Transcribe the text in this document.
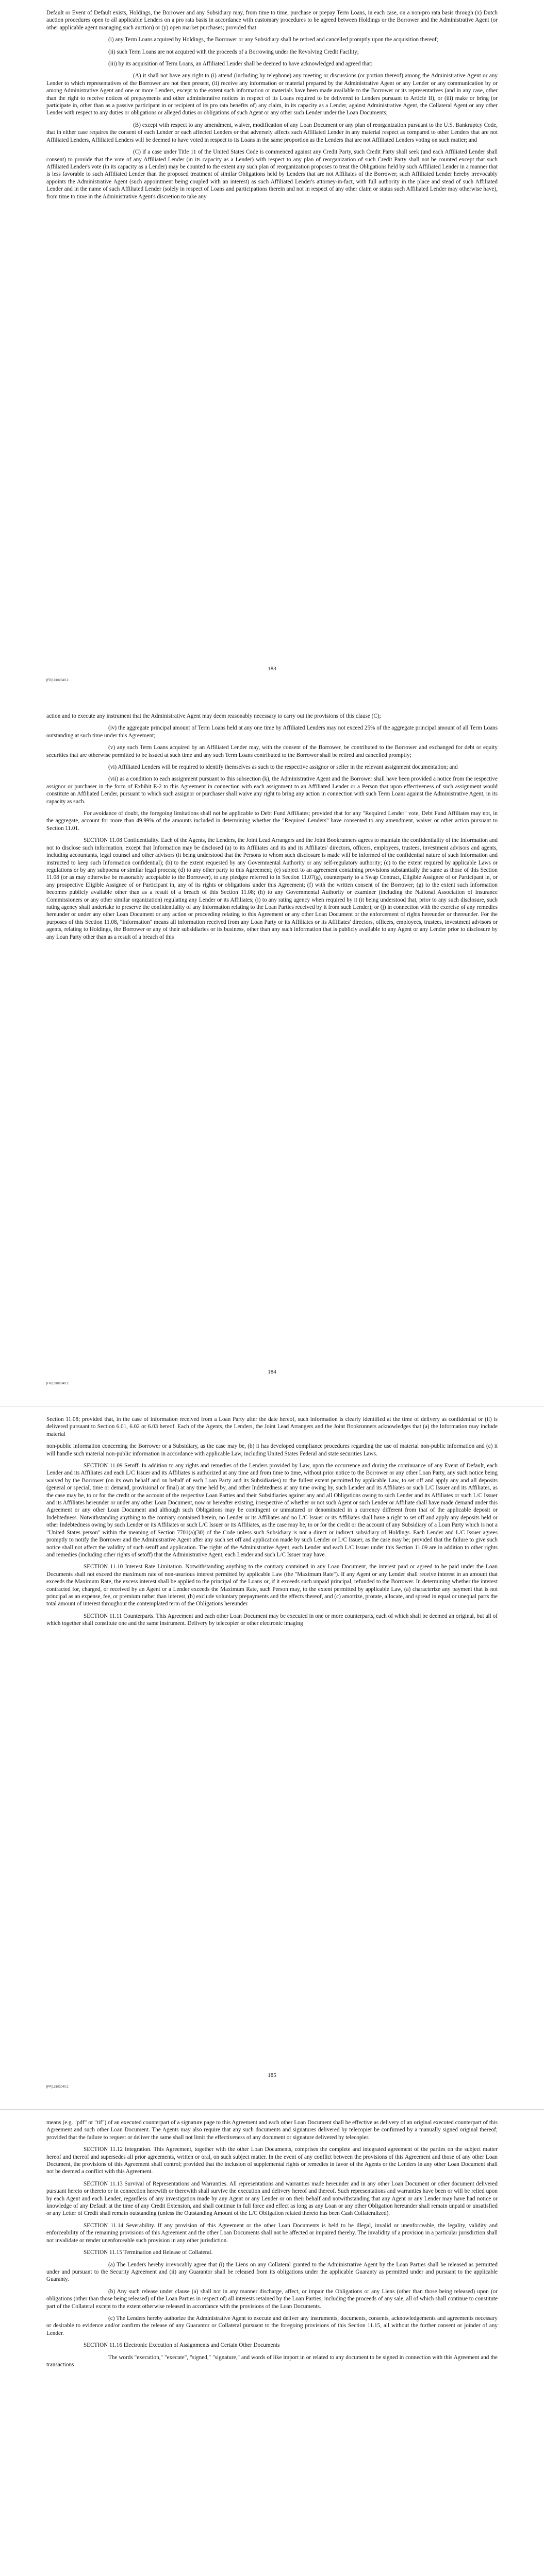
Default or Event of Default exists, Holdings, the Borrower and any Subsidiary may, from time to time, purchase or prepay Term Loans, in each case, on a non-pro rata basis through (x) Dutch auction procedures open to all applicable Lenders on a pro rata basis in accordance with customary procedures to be agreed between Holdings or the Borrower and the Administrative Agent (or other applicable agent managing such auction) or (y) open market purchases; provided that:

(i) any Term Loans acquired by Holdings, the Borrower or any Subsidiary shall be retired and cancelled promptly upon the acquisition thereof;

(ii) such Term Loans are not acquired with the proceeds of a Borrowing under the Revolving Credit Facility;

(iii) by its acquisition of Term Loans, an Affiliated Lender shall be deemed to have acknowledged and agreed that:

(A) it shall not have any right to (i) attend (including by telephone) any meeting or discussions (or portion thereof) among the Administrative Agent or any Lender to which representatives of the Borrower are not then present, (ii) receive any information or material prepared by the Administrative Agent or any Lender or any communication by or among Administrative Agent and one or more Lenders, except to the extent such information or materials have been made available to the Borrower or its representatives (and in any case, other than the right to receive notices of prepayments and other administrative notices in respect of its Loans required to be delivered to Lenders pursuant to Article II), or (iii) make or bring (or participate in, other than as a passive participant in or recipient of its pro rata benefits of) any claim, in its capacity as a Lender, against Administrative Agent, the Collateral Agent or any other Lender with respect to any duties or obligations or alleged duties or obligations of such Agent or any other such Lender under the Loan Documents;

(B) except with respect to any amendment, waiver, modification of any Loan Document or any plan of reorganization pursuant to the U.S. Bankruptcy Code, that in either case requires the consent of each Lender or each affected Lenders or that adversely affects such Affiliated Lender in any material respect as compared to other Lenders that are not Affiliated Lenders, Affiliated Lenders will be deemed to have voted in respect to its Loans in the same proportion as the Lenders that are not Affiliated Lenders voting on such matter; and

(C) if a case under Title 11 of the United States Code is commenced against any Credit Party, such Credit Party shall seek (and each Affiliated Lender shall consent) to provide that the vote of any Affiliated Lender (in its capacity as a Lender) with respect to any plan of reorganization of such Credit Party shall not be counted except that such Affiliated Lender's vote (in its capacity as a Lender) may be counted to the extent any such plan of reorganization proposes to treat the Obligations held by such Affiliated Lender in a manner that is less favorable to such Affiliated Lender than the proposed treatment of similar Obligations held by Lenders that are not Affiliates of the Borrower; such Affiliated Lender hereby irrevocably appoints the Administrative Agent (such appointment being coupled with an interest) as such Affiliated Lender's attorney-in-fact, with full authority in the place and stead of such Affiliated Lender and in the name of such Affiliated Lender (solely in respect of Loans and participations therein and not in respect of any other claim or status such Affiliated Lender may otherwise have), from time to time in the Administrative Agent's discretion to take any

183
[FP]13102040.2

action and to execute any instrument that the Administrative Agent may deem reasonably necessary to carry out the provisions of this clause (C);

(iv) the aggregate principal amount of Term Loans held at any one time by Affiliated Lenders may not exceed 25% of the aggregate principal amount of all Term Loans outstanding at such time under this Agreement;

(v) any such Term Loans acquired by an Affiliated Lender may, with the consent of the Borrower, be contributed to the Borrower and exchanged for debt or equity securities that are otherwise permitted to be issued at such time and any such Term Loans contributed to the Borrower shall be retired and cancelled promptly;

(vi) Affiliated Lenders will be required to identify themselves as such to the respective assignor or seller in the relevant assignment documentation; and

(vii) as a condition to each assignment pursuant to this subsection (k), the Administrative Agent and the Borrower shall have been provided a notice from the respective assignor or purchaser in the form of Exhibit E-2 to this Agreement in connection with each assignment to an Affiliated Lender or a Person that upon effectiveness of such assignment would constitute an Affiliated Lender, pursuant to which such assignor or purchaser shall waive any right to bring any action in connection with such Term Loans against the Administrative Agent, in its capacity as such.

For avoidance of doubt, the foregoing limitations shall not be applicable to Debt Fund Affiliates; provided that for any "Required Lender" vote, Debt Fund Affiliates may not, in the aggregate, account for more than 49.99% of the amounts included in determining whether the "Required Lenders" have consented to any amendment, waiver or other action pursuant to Section 11.01.

SECTION 11.08 Confidentiality. Each of the Agents, the Lenders, the Joint Lead Arrangers and the Joint Bookrunners agrees to maintain the confidentiality of the Information and not to disclose such information, except that Information may be disclosed (a) to its Affiliates and its and its Affiliates' directors, officers, employees, trustees, investment advisors and agents, including accountants, legal counsel and other advisors (it being understood that the Persons to whom such disclosure is made will be informed of the confidential nature of such Information and instructed to keep such Information confidential); (b) to the extent requested by any Governmental Authority or any self-regulatory authority; (c) to the extent required by applicable Laws or regulations or by any subpoena or similar legal process; (d) to any other party to this Agreement; (e) subject to an agreement containing provisions substantially the same as those of this Section 11.08 (or as may otherwise be reasonably acceptable to the Borrower), to any pledgee referred to in Section 11.07(g), counterparty to a Swap Contract, Eligible Assignee of or Participant in, or any prospective Eligible Assignee of or Participant in, any of its rights or obligations under this Agreement; (f) with the written consent of the Borrower; (g) to the extent such Information becomes publicly available other than as a result of a breach of this Section 11.08; (h) to any Governmental Authority or examiner (including the National Association of Insurance Commissioners or any other similar organization) regulating any Lender or its Affiliates; (i) to any rating agency when required by it (it being understood that, prior to any such disclosure, such rating agency shall undertake to preserve the confidentiality of any Information relating to the Loan Parties received by it from such Lender); or (j) in connection with the exercise of any remedies hereunder or under any other Loan Document or any action or proceeding relating to this Agreement or any other Loan Document or the enforcement of rights hereunder or thereunder. For the purposes of this Section 11.08, "Information" means all information received from any Loan Party or its Affiliates or its Affiliates' directors, officers, employees, trustees, investment advisors or agents, relating to Holdings, the Borrower or any of their subsidiaries or its business, other than any such information that is publicly available to any Agent or any Lender prior to disclosure by any Loan Party other than as a result of a breach of this

184
[FP]13102040.2

Section 11.08; provided that, in the case of information received from a Loan Party after the date hereof, such information is clearly identified at the time of delivery as confidential or (ii) is delivered pursuant to Section 6.01, 6.02 or 6.03 hereof. Each of the Agents, the Lenders, the Joint Lead Arrangers and the Joint Bookrunners acknowledges that (a) the Information may include material

non-public information concerning the Borrower or a Subsidiary, as the case may be, (b) it has developed compliance procedures regarding the use of material non-public information and (c) it will handle such material non-public information in accordance with applicable Law, including United States Federal and state securities Laws.

SECTION 11.09 Setoff. In addition to any rights and remedies of the Lenders provided by Law, upon the occurrence and during the continuance of any Event of Default, each Lender and its Affiliates and each L/C Issuer and its Affiliates is authorized at any time and from time to time, without prior notice to the Borrower or any other Loan Party, any such notice being waived by the Borrower (on its own behalf and on behalf of each Loan Party and its Subsidiaries) to the fullest extent permitted by applicable Law, to set off and apply any and all deposits (general or special, time or demand, provisional or final) at any time held by, and other Indebtedness at any time owing by, such Lender and its Affiliates or such L/C Issuer and its Affiliates, as the case may be, to or for the credit or the account of the respective Loan Parties and their Subsidiaries against any and all Obligations owing to such Lender and its Affiliates or such L/C Issuer and its Affiliates hereunder or under any other Loan Document, now or hereafter existing, irrespective of whether or not such Agent or such Lender or Affiliate shall have made demand under this Agreement or any other Loan Document and although such Obligations may be contingent or unmatured or denominated in a currency different from that of the applicable deposit or Indebtedness. Notwithstanding anything to the contrary contained herein, no Lender or its Affiliates and no L/C Issuer or its Affiliates shall have a right to set off and apply any deposits held or other Indebtedness owing by such Lender or its Affiliates or such L/C Issuer or its Affiliates, as the case may be, to or for the credit or the account of any Subsidiary of a Loan Party which is not a "United States person" within the meaning of Section 7701(a)(30) of the Code unless such Subsidiary is not a direct or indirect subsidiary of Holdings. Each Lender and L/C Issuer agrees promptly to notify the Borrower and the Administrative Agent after any such set off and application made by such Lender or L/C Issuer, as the case may be; provided that the failure to give such notice shall not affect the validity of such setoff and application. The rights of the Administrative Agent, each Lender and each L/C Issuer under this Section 11.09 are in addition to other rights and remedies (including other rights of setoff) that the Administrative Agent, each Lender and such L/C Issuer may have.

SECTION 11.10 Interest Rate Limitation. Notwithstanding anything to the contrary contained in any Loan Document, the interest paid or agreed to be paid under the Loan Documents shall not exceed the maximum rate of non-usurious interest permitted by applicable Law (the "Maximum Rate"). If any Agent or any Lender shall receive interest in an amount that exceeds the Maximum Rate, the excess interest shall be applied to the principal of the Loans or, if it exceeds such unpaid principal, refunded to the Borrower. In determining whether the interest contracted for, charged, or received by an Agent or a Lender exceeds the Maximum Rate, such Person may, to the extent permitted by applicable Law, (a) characterize any payment that is not principal as an expense, fee, or premium rather than interest, (b) exclude voluntary prepayments and the effects thereof, and (c) amortize, prorate, allocate, and spread in equal or unequal parts the total amount of interest throughout the contemplated term of the Obligations hereunder.

SECTION 11.11 Counterparts. This Agreement and each other Loan Document may be executed in one or more counterparts, each of which shall be deemed an original, but all of which together shall constitute one and the same instrument. Delivery by telecopier or other electronic imaging

185
[FP]13102040.2

means (e.g. "pdf" or "tif") of an executed counterpart of a signature page to this Agreement and each other Loan Document shall be effective as delivery of an original executed counterpart of this Agreement and such other Loan Document. The Agents may also require that any such documents and signatures delivered by telecopier be confirmed by a manually signed original thereof; provided that the failure to request or deliver the same shall not limit the effectiveness of any document or signature delivered by telecopier.

SECTION 11.12 Integration. This Agreement, together with the other Loan Documents, comprises the complete and integrated agreement of the parties on the subject matter hereof and thereof and supersedes all prior agreements, written or oral, on such subject matter. In the event of any conflict between the provisions of this Agreement and those of any other Loan Document, the provisions of this Agreement shall control; provided that the inclusion of supplemental rights or remedies in favor of the Agents or the Lenders in any other Loan Document shall not be deemed a conflict with this Agreement.

SECTION 11.13 Survival of Representations and Warranties. All representations and warranties made hereunder and in any other Loan Document or other document delivered pursuant hereto or thereto or in connection herewith or therewith shall survive the execution and delivery hereof and thereof. Such representations and warranties have been or will be relied upon by each Agent and each Lender, regardless of any investigation made by any Agent or any Lender or on their behalf and notwithstanding that any Agent or any Lender may have had notice or knowledge of any Default at the time of any Credit Extension, and shall continue in full force and effect as long as any Loan or any other Obligation hereunder shall remain unpaid or unsatisfied or any Letter of Credit shall remain outstanding (unless the Outstanding Amount of the L/C Obligation related thereto has been Cash Collateralized).

SECTION 11.14 Severability. If any provision of this Agreement or the other Loan Documents is held to be illegal, invalid or unenforceable, the legality, validity and enforceability of the remaining provisions of this Agreement and the other Loan Documents shall not be affected or impaired thereby. The invalidity of a provision in a particular jurisdiction shall not invalidate or render unenforceable such provision in any other jurisdiction.

SECTION 11.15 Termination and Release of Collateral.

(a) The Lenders hereby irrevocably agree that (i) the Liens on any Collateral granted to the Administrative Agent by the Loan Parties shall be released as permitted under and pursuant to the Security Agreement and (ii) any Guarantor shall be released from its obligations under the applicable Guaranty as permitted under and pursuant to the applicable Guaranty.

(b) Any such release under clause (a) shall not in any manner discharge, affect, or impair the Obligations or any Liens (other than those being released) upon (or obligations (other than those being released) of the Loan Parties in respect of) all interests retained by the Loan Parties, including the proceeds of any sale, all of which shall continue to constitute part of the Collateral except to the extent otherwise released in accordance with the provisions of the Loan Documents.

(c) The Lenders hereby authorize the Administrative Agent to execute and deliver any instruments, documents, consents, acknowledgements and agreements necessary or desirable to evidence and/or confirm the release of any Guarantor or Collateral pursuant to the foregoing provisions of this Section 11.15, all without the further consent or joinder of any Lender.

SECTION 11.16 Electronic Execution of Assignments and Certain Other Documents

The words "execution," "execute", "signed," "signature," and words of like import in or related to any document to be signed in connection with this Agreement and the transactions
